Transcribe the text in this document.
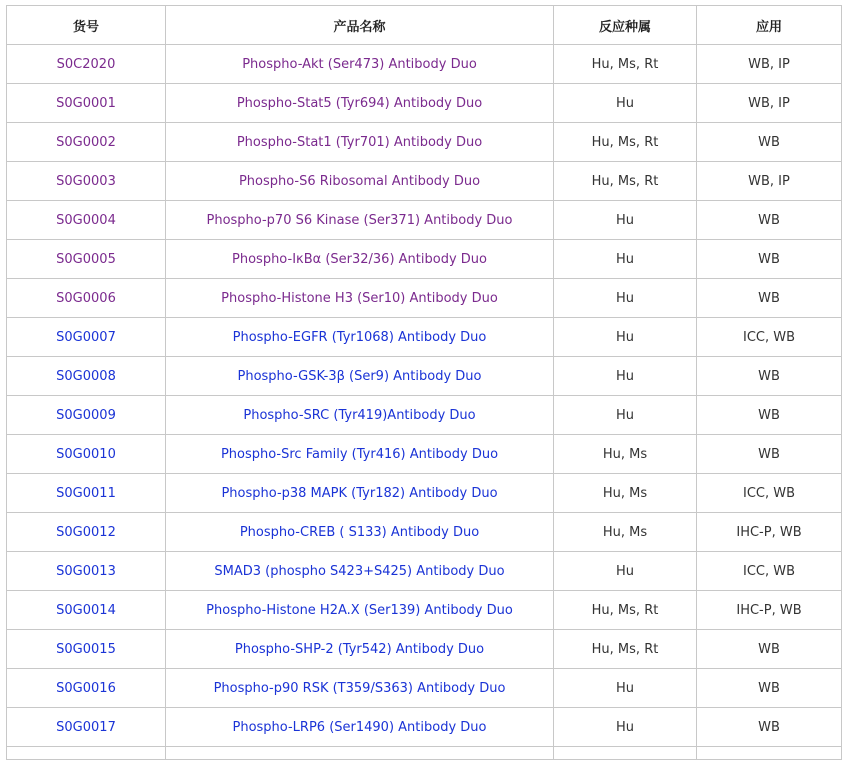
货号	产品名称	反应种属	应用
S0C2020	Phospho-Akt (Ser473) Antibody Duo	Hu, Ms, Rt	WB, IP
S0G0001	Phospho-Stat5 (Tyr694) Antibody Duo	Hu	WB, IP
S0G0002	Phospho-Stat1 (Tyr701) Antibody Duo	Hu, Ms, Rt	WB
S0G0003	Phospho-S6 Ribosomal Antibody Duo	Hu, Ms, Rt	WB, IP
S0G0004	Phospho-p70 S6 Kinase (Ser371) Antibody Duo	Hu	WB
S0G0005	Phospho-IκBα (Ser32/36) Antibody Duo	Hu	WB
S0G0006	Phospho-Histone H3 (Ser10) Antibody Duo	Hu	WB
S0G0007	Phospho-EGFR (Tyr1068) Antibody Duo	Hu	ICC, WB
S0G0008	Phospho-GSK-3β (Ser9) Antibody Duo	Hu	WB
S0G0009	Phospho-SRC (Tyr419)Antibody Duo	Hu	WB
S0G0010	Phospho-Src Family (Tyr416) Antibody Duo	Hu, Ms	WB
S0G0011	Phospho-p38 MAPK (Tyr182) Antibody Duo	Hu, Ms	ICC, WB
S0G0012	Phospho-CREB ( S133) Antibody Duo	Hu, Ms	IHC-P, WB
S0G0013	SMAD3 (phospho S423+S425) Antibody Duo	Hu	ICC, WB
S0G0014	Phospho-Histone H2A.X (Ser139) Antibody Duo	Hu, Ms, Rt	IHC-P, WB
S0G0015	Phospho-SHP-2 (Tyr542) Antibody Duo	Hu, Ms, Rt	WB
S0G0016	Phospho-p90 RSK (T359/S363) Antibody Duo	Hu	WB
S0G0017	Phospho-LRP6 (Ser1490) Antibody Duo	Hu	WB
